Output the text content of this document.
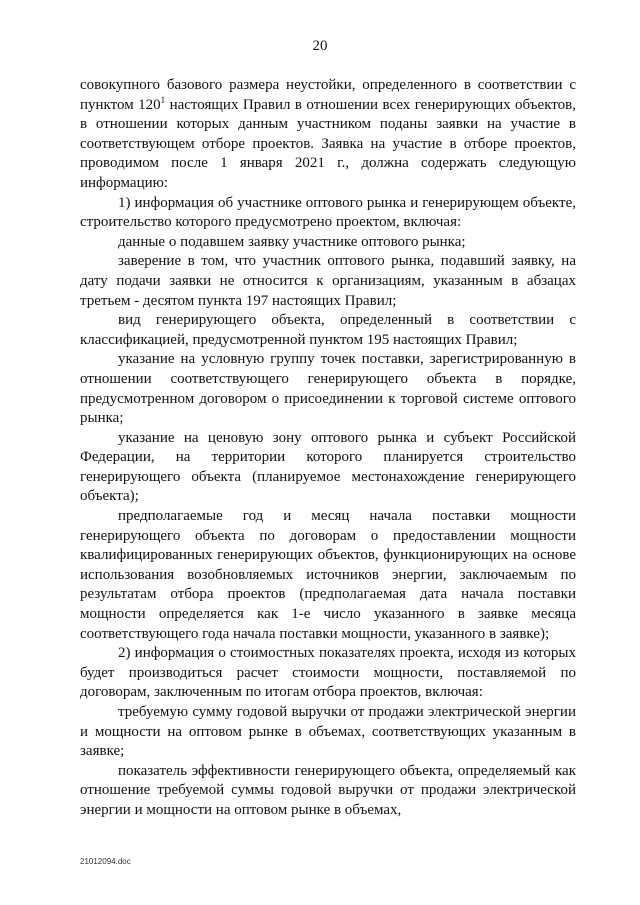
20

совокупного базового размера неустойки, определенного в соответствии с пунктом $120^1$ настоящих Правил в отношении всех генерирующих объектов, в отношении которых данным участником поданы заявки на участие в соответствующем отборе проектов. Заявка на участие в отборе проектов, проводимом после 1 января 2021 г., должна содержать следующую информацию:

1) информация об участнике оптового рынка и генерирующем объекте, строительство которого предусмотрено проектом, включая:

данные о подавшем заявку участнике оптового рынка;

заверение в том, что участник оптового рынка, подавший заявку, на дату подачи заявки не относится к организациям, указанным в абзацах третьем - десятом пункта 197 настоящих Правил;

вид генерирующего объекта, определенный в соответствии с классификацией, предусмотренной пунктом 195 настоящих Правил;

указание на условную группу точек поставки, зарегистрированную в отношении соответствующего генерирующего объекта в порядке, предусмотренном договором о присоединении к торговой системе оптового рынка;

указание на ценовую зону оптового рынка и субъект Российской Федерации, на территории которого планируется строительство генерирующего объекта (планируемое местонахождение генерирующего объекта);

предполагаемые год и месяц начала поставки мощности генерирующего объекта по договорам о предоставлении мощности квалифицированных генерирующих объектов, функционирующих на основе использования возобновляемых источников энергии, заключаемым по результатам отбора проектов (предполагаемая дата начала поставки мощности определяется как 1-е число указанного в заявке месяца соответствующего года начала поставки мощности, указанного в заявке);

2) информация о стоимостных показателях проекта, исходя из которых будет производиться расчет стоимости мощности, поставляемой по договорам, заключенным по итогам отбора проектов, включая:

требуемую сумму годовой выручки от продажи электрической энергии и мощности на оптовом рынке в объемах, соответствующих указанным в заявке;

показатель эффективности генерирующего объекта, определяемый как отношение требуемой суммы годовой выручки от продажи электрической энергии и мощности на оптовом рынке в объемах,

21012094.doc
